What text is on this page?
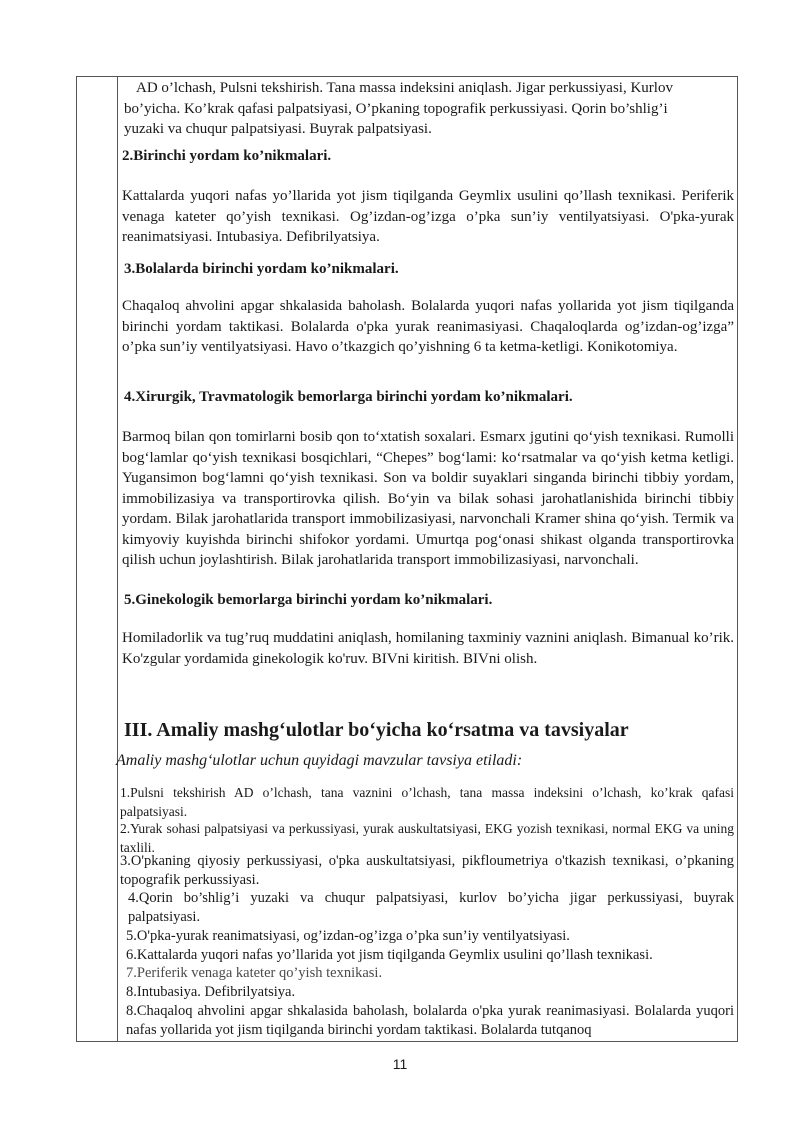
AD o’lchash, Pulsni tekshirish. Tana massa indeksini aniqlash. Jigar perkussiyasi, Kurlov
bo’yicha. Ko’krak qafasi palpatsiyasi, O’pkaning topografik perkussiyasi. Qorin bo’shlig’i
yuzaki va chuqur palpatsiyasi. Buyrak palpatsiyasi.
2.Birinchi yordam ko’nikmalari.
Kattalarda yuqori nafas yo’llarida yot jism tiqilganda Geymlix usulini qo’llash texnikasi. Periferik venaga kateter qo’yish texnikasi. Og’izdan-og’izga o’pka sun’iy ventilyatsiyasi. O'pka-yurak reanimatsiyasi. Intubasiya. Defibrilyatsiya.
3.Bolalarda birinchi yordam ko’nikmalari.
Chaqaloq ahvolini apgar shkalasida baholash. Bolalarda yuqori nafas yollarida yot jism tiqilganda birinchi yordam taktikasi. Bolalarda o'pka yurak reanimasiyasi. Chaqaloqlarda og’izdan-og’izga” o’pka sun’iy ventilyatsiyasi. Havo o’tkazgich qo’yishning 6 ta ketma-ketligi. Konikotomiya.
4.Xirurgik, Travmatologik bemorlarga birinchi yordam ko’nikmalari.
Barmoq bilan qon tomirlarni bosib qon to‘xtatish soxalari. Esmarx jgutini qo‘yish texnikasi. Rumolli bog‘lamlar qo‘yish texnikasi bosqichlari, “Chepes” bog‘lami: ko‘rsatmalar va qo‘yish ketma ketligi. Yugansimon bog‘lamni qo‘yish texnikasi. Son va boldir suyaklari singanda birinchi tibbiy yordam, immobilizasiya va transportirovka qilish. Bo‘yin va bilak sohasi jarohatlanishida birinchi tibbiy yordam. Bilak jarohatlarida transport immobilizasiyasi, narvonchali Kramer shina qo‘yish. Termik va kimyoviy kuyishda birinchi shifokor yordami. Umurtqa pog‘onasi shikast olganda transportirovka qilish uchun joylashtirish. Bilak jarohatlarida transport immobilizasiyasi, narvonchali.
5.Ginekologik bemorlarga birinchi yordam ko’nikmalari.
Homiladorlik va tug’ruq muddatini aniqlash, homilaning taxminiy vaznini aniqlash. Bimanual ko’rik. Ko'zgular yordamida ginekologik ko'ruv. BIVni kiritish. BIVni olish.
III. Amaliy mashg‘ulotlar bo‘yicha ko‘rsatma va tavsiyalar
Amaliy mashg‘ulotlar uchun quyidagi mavzular tavsiya etiladi:
1.Pulsni tekshirish AD o’lchash, tana vaznini o’lchash, tana massa indeksini o’lchash, ko’krak qafasi palpatsiyasi.
2.Yurak sohasi palpatsiyasi va perkussiyasi, yurak auskultatsiyasi, EKG yozish texnikasi, normal EKG va uning taxlili.
3.O'pkaning qiyosiy perkussiyasi, o'pka auskultatsiyasi, pikfloumetriya o'tkazish texnikasi, o’pkaning topografik perkussiyasi.
4.Qorin bo’shlig’i yuzaki va chuqur palpatsiyasi, kurlov bo’yicha jigar perkussiyasi, buyrak palpatsiyasi.
5.O'pka-yurak reanimatsiyasi, og’izdan-og’izga o’pka sun’iy ventilyatsiyasi.
6.Kattalarda yuqori nafas yo’llarida yot jism tiqilganda Geymlix usulini qo’llash texnikasi.
7.Periferik venaga kateter qo’yish texnikasi.
8.Intubasiya. Defibrilyatsiya.
8.Chaqaloq ahvolini apgar shkalasida baholash, bolalarda o'pka yurak reanimasiyasi. Bolalarda yuqori nafas yollarida yot jism tiqilganda birinchi yordam taktikasi. Bolalarda tutqanoq
11
